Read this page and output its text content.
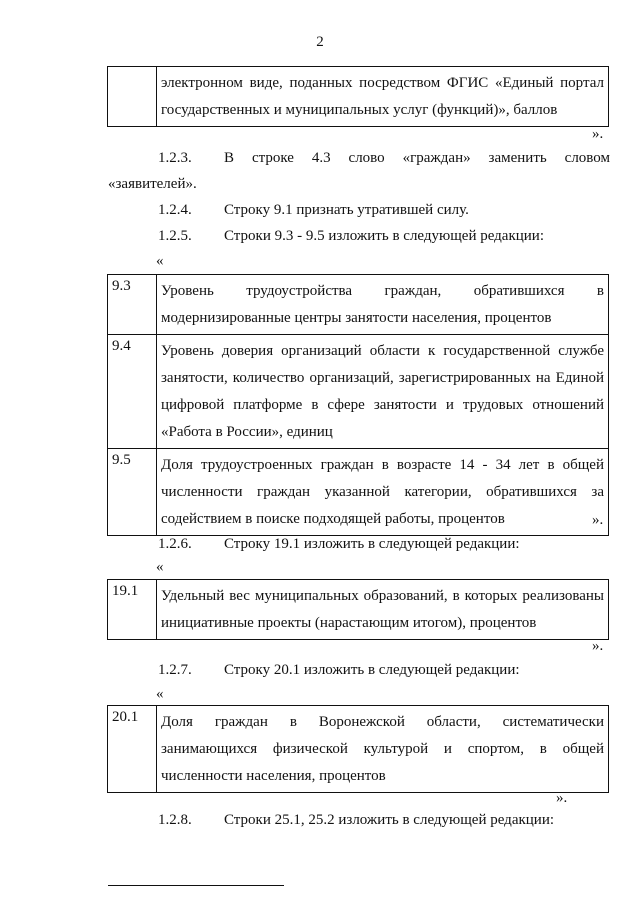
2

электронном виде, поданных посредством ФГИС «Единый портал
государственных и муниципальных услуг (функций)», баллов
».
1.2.3. В строке 4.3 слово «граждан» заменить словом
«заявителей».
1.2.4. Строку 9.1 признать утратившей силу.
1.2.5. Строки 9.3 - 9.5 изложить в следующей редакции:
«
9.3	Уровень трудоустройства граждан, обратившихся в
модернизированные центры занятости населения, процентов

9.4	Уровень доверия организаций области к государственной службе
занятости, количество организаций, зарегистрированных на Единой
цифровой платформе в сфере занятости и трудовых отношений
«Работа в России», единиц

9.5	Доля трудоустроенных граждан в возрасте 14 - 34 лет в общей
численности граждан указанной категории, обратившихся за
содействием в поиске подходящей работы, процентов	».
1.2.6. Строку 19.1 изложить в следующей редакции:
«
19.1	Удельный вес муниципальных образований, в которых реализованы
инициативные проекты (нарастающим итогом), процентов
».
1.2.7. Строку 20.1 изложить в следующей редакции:
«
20.1	Доля граждан в Воронежской области, систематически
занимающихся физической культурой и спортом, в общей
численности населения, процентов
».
1.2.8. Строки 25.1, 25.2 изложить в следующей редакции:
